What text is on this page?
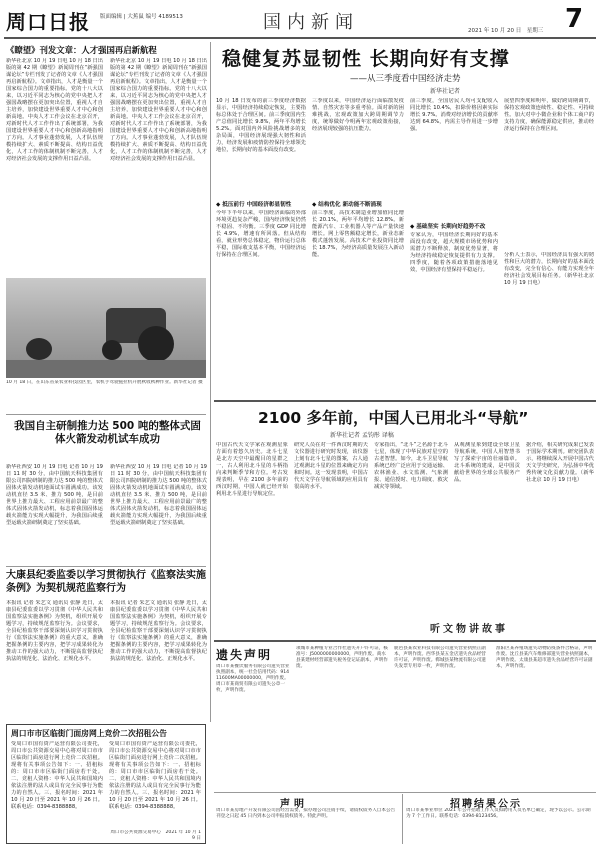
周口日报 版面编辑 | 大蕉鼠 编号 4189513	国内新闻	2021 年 10 月 20 日　星期三 7
《瞭望》刊发文章：人才强国再启新航程
新华社北京 10 月 19 日电 10 月 18 日出版的第 42 期《瞭望》新闻周刊在“新强国谋论坛”专栏刊发了记者的文章《人才强国再启新航程》。文章指出，人才是衡量一个国家综合国力的重要指标。党的十八大以来，以习近平同志为核心的党中央把人才强国战略摆在更加突出位置，重视人才自主培养，加快建设世界重要人才中心和创新高地。中央人才工作会议在北京召开，对新时代人才工作作出了系统部署，为我国建设世界重要人才中心和创新高地指明了方向。人才事业蓬勃发展，人才队伍规模持续扩大、素质不断提高、结构日益优化，人才工作的体制机制不断完善，人才对经济社会发展的支撑作用日益凸显。
新华社北京 10 月 19 日电 10 月 18 日出版的第 42 期《瞭望》新闻周刊在“新强国谋论坛”专栏刊发了记者的文章《人才强国再启新航程》。文章指出，人才是衡量一个国家综合国力的重要指标。党的十八大以来，以习近平同志为核心的党中央把人才强国战略摆在更加突出位置，重视人才自主培养，加快建设世界重要人才中心和创新高地。中央人才工作会议在北京召开，对新时代人才工作作出了系统部署，为我国建设世界重要人才中心和创新高地指明了方向。人才事业蓬勃发展，人才队伍规模持续扩大、素质不断提高、结构日益优化，人才工作的体制机制不断完善，人才对经济社会发展的支撑作用日益凸显。
10 月 18 日，在山东省某农业科技园区里，农机手驾驶拖拉机开展秋收秋种作业。新华社记者 摄
我国自主研制推力达 500 吨的整体式固体火箭发动机试车成功
新华社西安 10 月 19 日电 记者 10 月 19 日 11 时 30 分，由中国航天科技集团有限公司四院研制的推力达 500 吨的整体式固体火箭发动机地面试车圆满成功。该发动机直径 3.5 米、推力 500 吨，是目前世界上推力最大、工程应用前景最广的整体式固体火箭发动机，标志着我国固体运载火箭能力实现大幅提升，为我国后续重型运载火箭研制奠定了坚实基础。
新华社西安 10 月 19 日电 记者 10 月 19 日 11 时 30 分，由中国航天科技集团有限公司四院研制的推力达 500 吨的整体式固体火箭发动机地面试车圆满成功。该发动机直径 3.5 米、推力 500 吨，是目前世界上推力最大、工程应用前景最广的整体式固体火箭发动机，标志着我国固体运载火箭能力实现大幅提升，为我国后续重型运载火箭研制奠定了坚实基础。
大康县纪委监委以学习贯彻执行《监察法实施条例》为契机规范监察行为
本报讯 记者 朱艺文 通讯员 张静 近日，太康县纪委监委以学习贯彻《中华人民共和国监察法实施条例》为契机，组织开展专题学习，持续规范监察行为。会议要求，全县纪检监察干部要深刻认识学习贯彻执行《监察法实施条例》的重大意义，准确把握条例的主要内容，把学习成果转化为推动工作的强大动力，不断提高监督执纪执法的规范化、法治化、正规化水平。
本报讯 记者 朱艺文 通讯员 张静 近日，太康县纪委监委以学习贯彻《中华人民共和国监察法实施条例》为契机，组织开展专题学习，持续规范监察行为。会议要求，全县纪检监察干部要深刻认识学习贯彻执行《监察法实施条例》的重大意义，准确把握条例的主要内容，把学习成果转化为推动工作的强大动力，不断提高监督执纪执法的规范化、法治化、正规化水平。
周口市市区临街门面房网上竞价二次招租公告
受周口市国有资产运营有限公司委托，周口市公共资源交易中心将对周口市市区临街门面房进行网上竞价二次招租。现将有关事项公告如下：一、招租标的：周口市市区临街门面房若干处。二、竞租人资格：中华人民共和国境内依法注册的法人或具有完全民事行为能力的自然人。三、报名时间：2021 年 10 月 20 日至 2021 年 10 月 26 日。联系电话：0394-8388888。
受周口市国有资产运营有限公司委托，周口市公共资源交易中心将对周口市市区临街门面房进行网上竞价二次招租。现将有关事项公告如下：一、招租标的：周口市市区临街门面房若干处。二、竞租人资格：中华人民共和国境内依法注册的法人或具有完全民事行为能力的自然人。三、报名时间：2021 年 10 月 20 日至 2021 年 10 月 26 日。联系电话：0394-8388888。
周口市公共资源交易中心　2021 年 10 月 19 日
稳健复苏显韧性 长期向好有支撑
——从三季度看中国经济走势
新华社记者
10 月 18 日发布的前三季度经济数据显示，中国经济持续稳定恢复，主要指标总体处于合理区间。前三季度国内生产总值同比增长 9.8%，两年平均增长 5.2%。面对国内外风险挑战增多的复杂局面，中国经济展现强大韧性和活力，经济发展和疫情防控保持全球领先地位，长期向好的基本面没有改变。
◆ 抵压前行 中国经济彰显韧性
今年下半年以来，中国经济面临的外部环境更趋复杂严峻，国内经济恢复仍然不稳固、不均衡。三季度 GDP 同比增长 4.9%，增速有所回落。但从结构看，就业形势总体稳定，物价运行总体平稳，国际收支基本平衡，中国经济运行保持在合理区间。
三季度以来，中国经济运行面临散发疫情、自然灾害等多重考验。面对新的困难挑战，宏观政策加大跨周期调节力度，统筹做好今明两年宏观政策衔接，经济展现较强的抗压能力。
◆ 结构优化 新动能不断涌现
前三季度，高技术制造业增加值同比增长 20.1%，两年平均增长 12.8%。新能源汽车、工业机器人等产品产量快速增长。网上零售额稳定增长，新业态新模式蓬勃发展。高技术产业投资同比增长 18.7%，为经济高质量发展注入新动能。
前三季度，全国居民人均可支配收入同比增长 10.4%，扣除价格因素实际增长 9.7%。消费对经济增长的贡献率达到 64.8%，内需主导作用进一步增强。
◆ 基础坚实 长期向好趋势不改
专家认为，中国经济长期向好的基本面没有改变，超大规模市场优势和内需潜力不断释放，制度优势显著，将为经济持续稳定恢复提供有力支撑。四季度，随着各项政策措施落地见效，中国经济有望保持平稳运行。
展望四季度和明年，做好跨周期调节，保持宏观政策连续性、稳定性、可持续性。加大对中小微企业和个体工商户的支持力度，确保能源稳定供应，推动经济运行保持在合理区间。
分析人士表示，中国经济具有强大的韧性和巨大的潜力，长期向好的基本面没有改变，完全有信心、有能力实现全年经济社会发展目标任务。（新华社北京 10 月 19 日电）
2100 多年前，中国人已用北斗“导航”
新华社记者 孟钧彤 译稿
中国古代天文学家在观测星象方面有着悠久历史。北斗七星是北方天空中最醒目的星群之一，古人利用北斗星的斗柄指向来判断季节和方位。考古发现表明，早在 2100 多年前的西汉时期，中国人就已经开始利用北斗星进行导航定位。
研究人员在对一件西汉时期的天文仪器进行研究时发现，该仪器上刻有北斗七星的图案，古人通过观测北斗星的位置来确定方向和时间。这一发现表明，中国古代天文学在导航领域的应用具有很高的水平。
专家指出，“北斗”之名源于北斗七星，体现了中华民族对星空的古老智慧。如今，北斗卫星导航系统已经广泛应用于交通运输、农林渔业、水文监测、气象测报、通信授时、电力调度、救灾减灾等领域。
从观测星象到建设全球卫星导航系统，中国人用智慧书写了探索宇宙的壮丽篇章。北斗系统的建成，是中国贡献给世界的全球公共服务产品。
据介绍，相关研究成果已发表于国际学术期刊。研究团队表示，将继续深入开展中国古代天文学史研究，为弘扬中华优秀传统文化贡献力量。（新华社北京 10 月 19 日电）
听文物讲故事
遗失声明
周口市某餐饮服务有限公司遗失营业执照副本，统一社会信用代码：91411600MA00000000，声明作废。周口市某商贸有限公司遗失公章一枚，声明作废。
项城市某种植专业合作社遗失开户许可证，核准号：J5000000000000，声明作废。商水县某建材经营部遗失税务登记证副本，声明作废。
鹿邑县某农业科技有限公司遗失营业执照正副本，声明作废。西华县某五金店遗失食品经营许可证，声明作废。郸城县某物流有限公司遗失发票专用章一枚，声明作废。
淮阳区某养殖场遗失动物防疫条件合格证，声明作废。沈丘县某汽车维修部遗失营业执照副本，声明作废。太康县某超市遗失食品经营许可证副本，声明作废。
声明
周口市某房地产开发有限公司因经营需要，拟办理公司注销手续，请债权债务人自本公告刊登之日起 45 日内到本公司申报债权债务。特此声明。
招聘结果公示
周口市某事业单位 2021 年公开招聘工作人员拟聘用人员名单已确定，现予以公示。公示期为 7 个工作日。联系电话：0394-8123456。
